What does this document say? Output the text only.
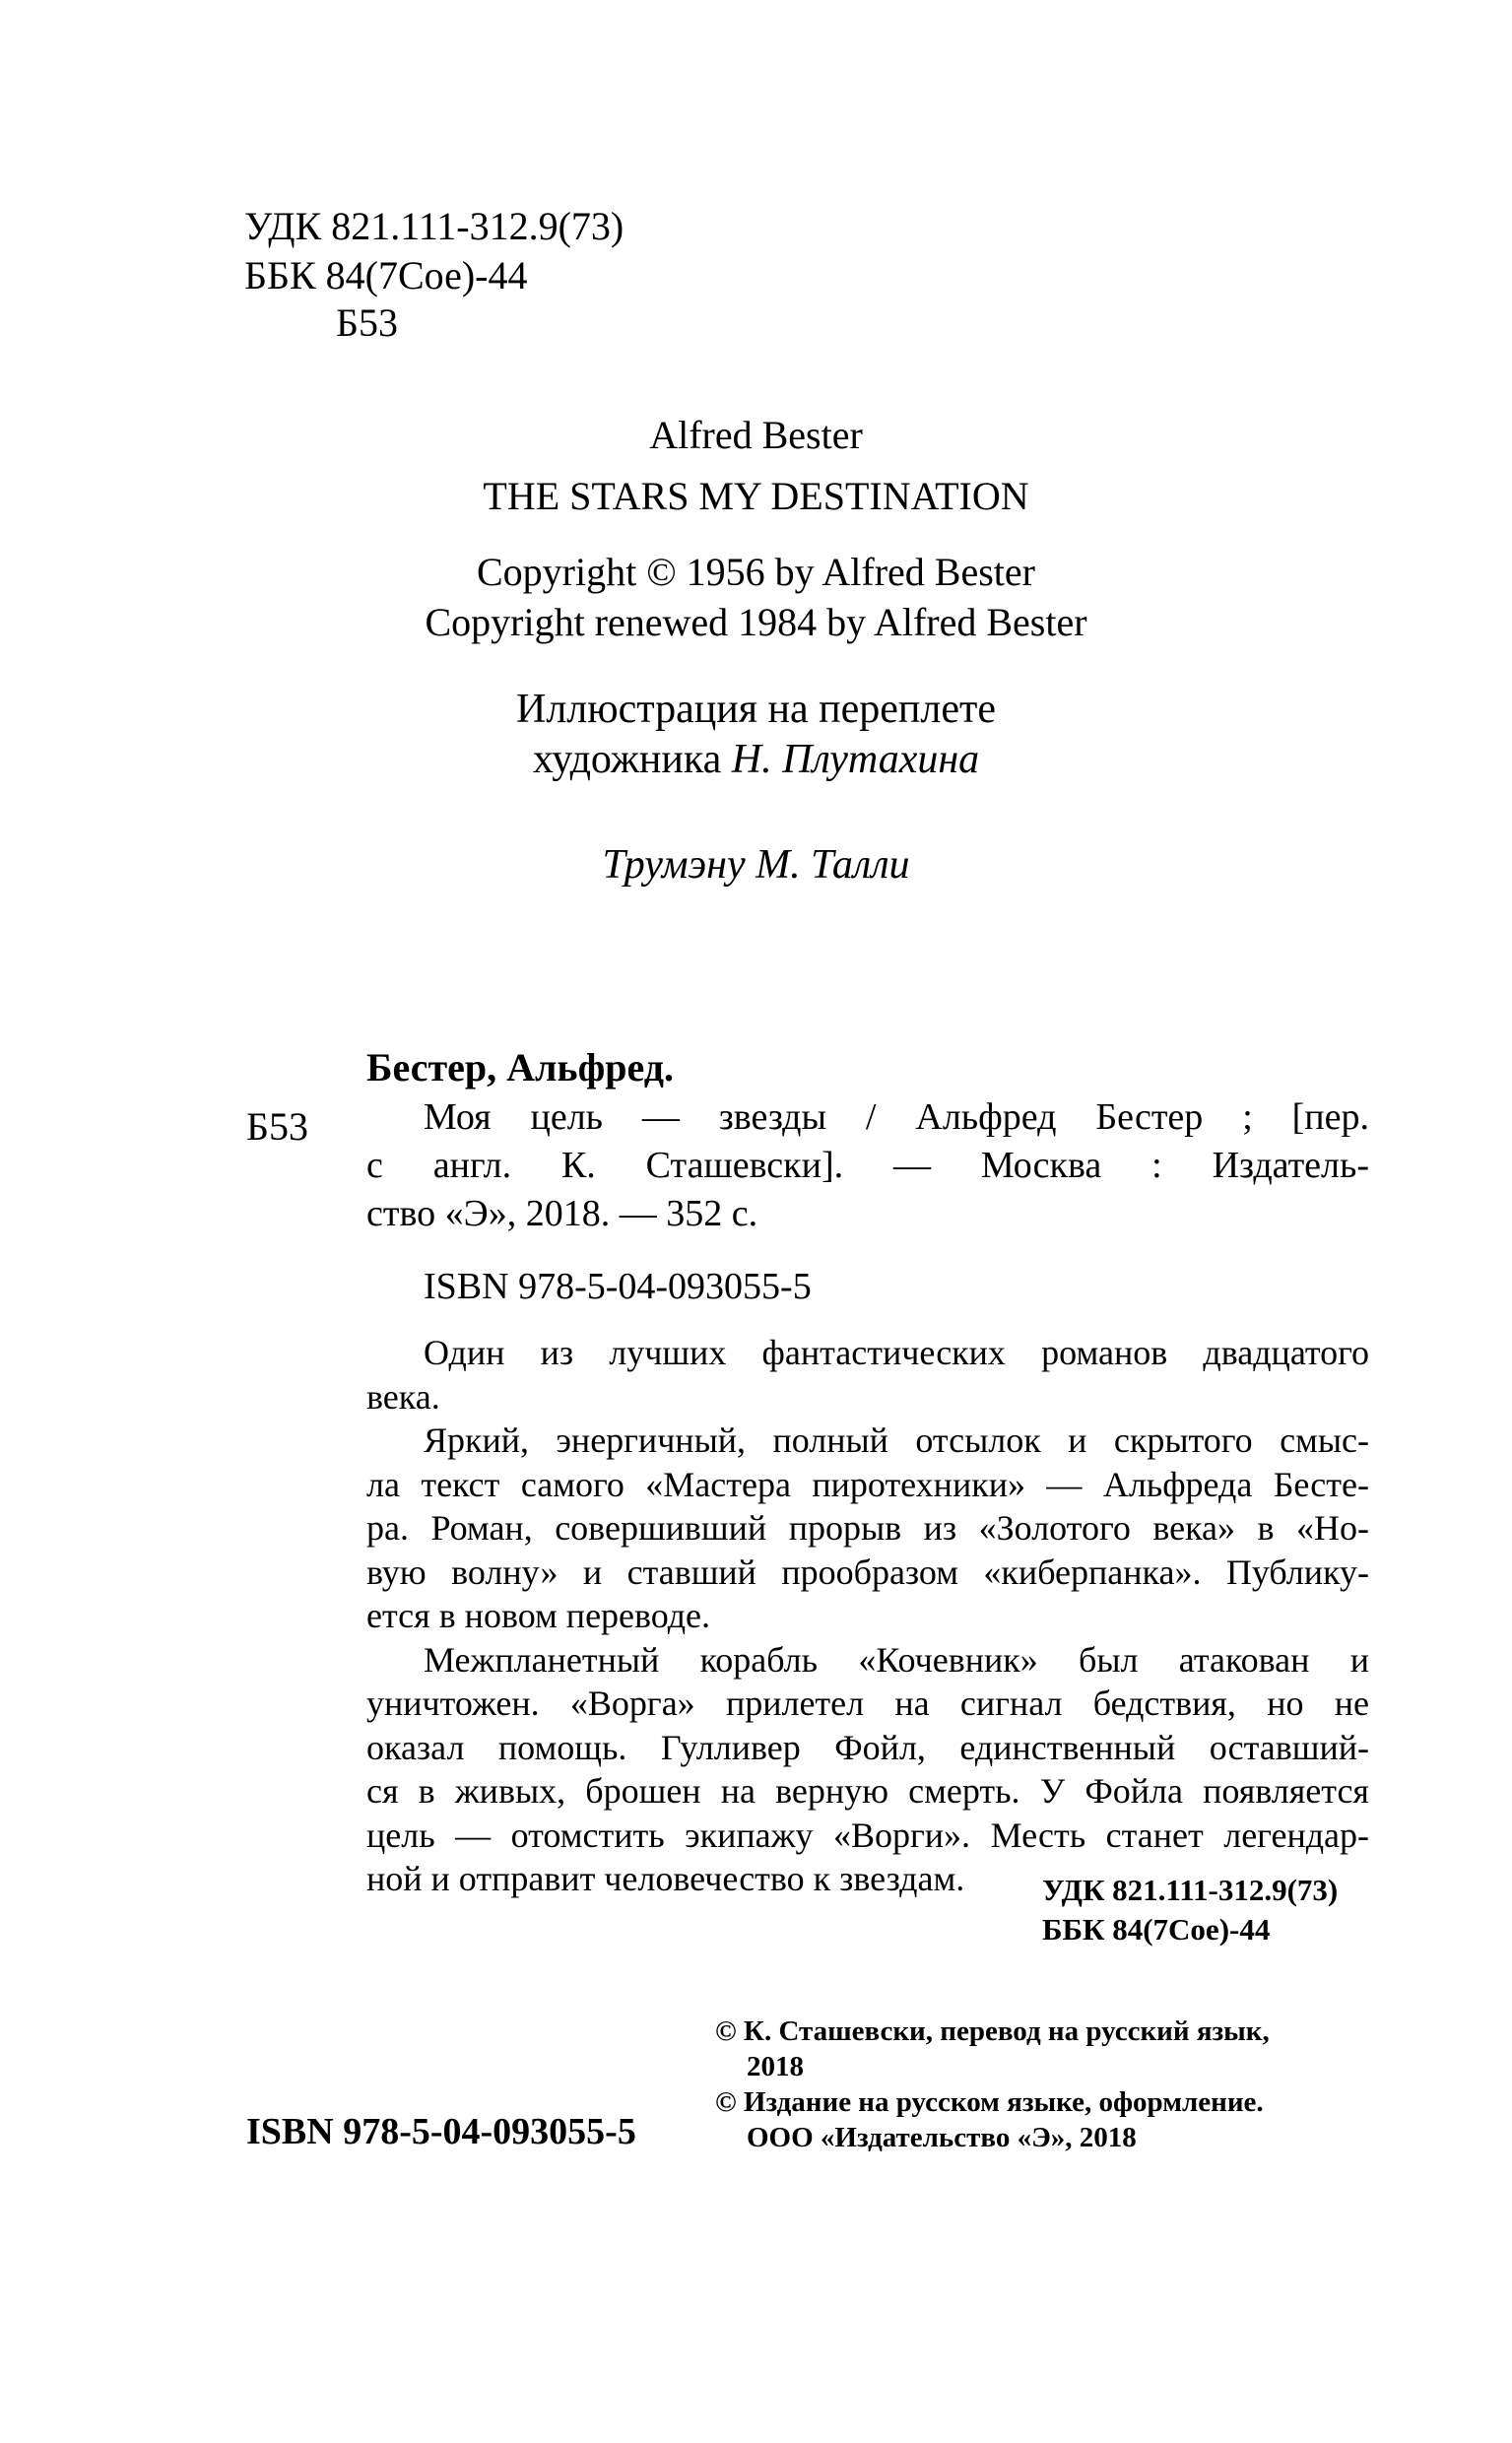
УДК 821.111-312.9(73)
ББК 84(7Сое)-44
Б53
Alfred Bester
THE STARS MY DESTINATION
Copyright © 1956 by Alfred Bester
Copyright renewed 1984 by Alfred Bester
Иллюстрация на переплете
художника Н. Плутахина
Трумэну М. Талли
Бестер, Альфред.
Б53	Моя цель — звезды / Альфред Бестер ; [пер.
с англ. К. Сташевски]. — Москва : Издатель-
ство «Э», 2018. — 352 с.
ISBN 978-5-04-093055-5
Один из лучших фантастических романов двадцатого
века.
Яркий, энергичный, полный отсылок и скрытого смыс-
ла текст самого «Мастера пиротехники» — Альфреда Бесте-
ра. Роман, совершивший прорыв из «Золотого века» в «Но-
вую волну» и ставший прообразом «киберпанка». Публику-
ется в новом переводе.
Межпланетный корабль «Кочевник» был атакован и
уничтожен. «Ворга» прилетел на сигнал бедствия, но не
оказал помощь. Гулливер Фойл, единственный оставший-
ся в живых, брошен на верную смерть. У Фойла появляется
цель — отомстить экипажу «Ворги». Месть станет легендар-
ной и отправит человечество к звездам.	УДК 821.111-312.9(73)
ББК 84(7Сое)-44
ISBN 978-5-04-093055-5
© К. Сташевски, перевод на русский язык,
2018
© Издание на русском языке, оформление.
ООО «Издательство «Э», 2018
